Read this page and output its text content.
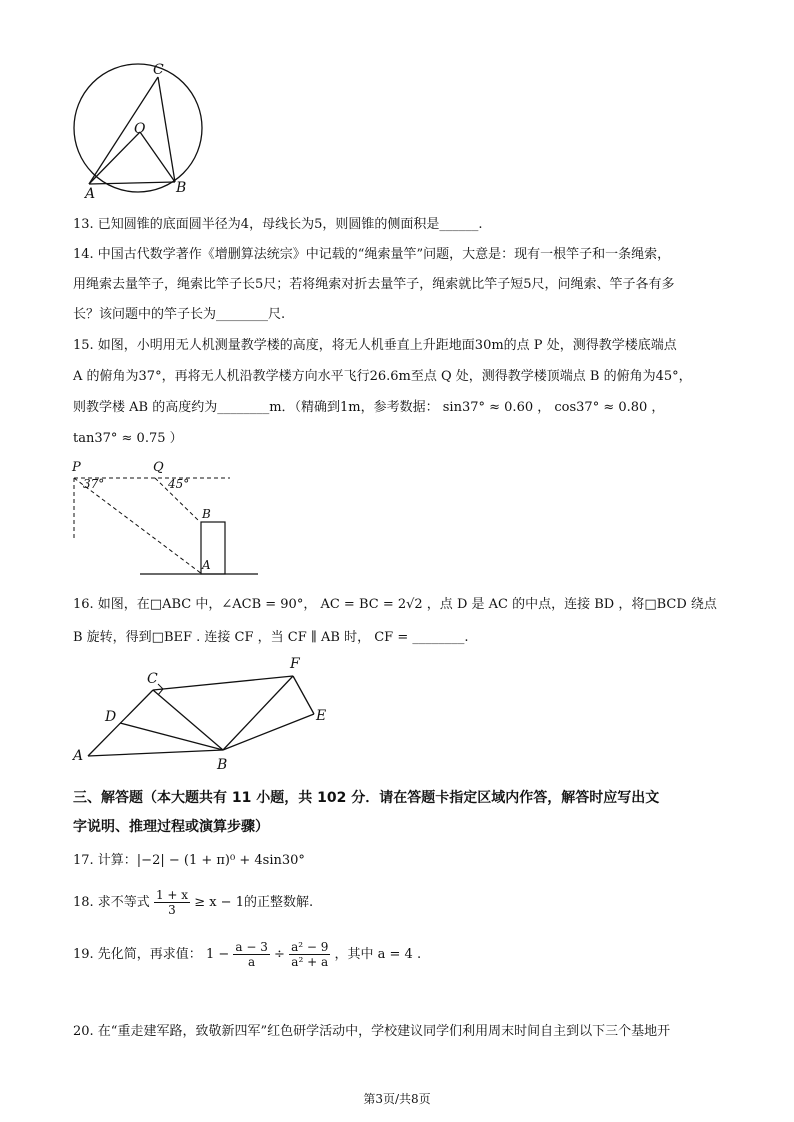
C
O
A	B
13. 已知圆锥的底面圆半径为4，母线长为5，则圆锥的侧面积是______.
14. 中国古代数学著作《增删算法统宗》中记载的“绳索量竿”问题，大意是：现有一根竿子和一条绳索，
用绳索去量竿子，绳索比竿子长5尺；若将绳索对折去量竿子，绳索就比竿子短5尺，问绳索、竿子各有多
长？该问题中的竿子长为________尺.
15. 如图，小明用无人机测量教学楼的高度，将无人机垂直上升距地面30m的点 P 处，测得教学楼底端点
A 的俯角为37°，再将无人机沿教学楼方向水平飞行26.6m至点 Q 处，测得教学楼顶端点 B 的俯角为45°，
则教学楼 AB 的高度约为________m．（精确到1m，参考数据： sin37° ≈ 0.60 ， cos37° ≈ 0.80 ，
tan37° ≈ 0.75 ）
P	Q
37°	45°
B
A
16. 如图，在□ABC 中，∠ACB = 90°， AC = BC = 2√2 ，点 D 是 AC 的中点，连接 BD ，将□BCD 绕点
B 旋转，得到□BEF . 连接 CF ，当 CF ∥ AB 时， CF = ________.
C
F
D	E
A
B
三、解答题（本大题共有 11 小题，共 102 分．请在答题卡指定区域内作答，解答时应写出文
字说明、推理过程或演算步骤）
17. 计算：|−2| − (1 + π)⁰ + 4sin30°
18. 求不等式 $\frac{1 + x}{3} \ge x - 1$的正整数解.
19. 先化简，再求值： $1 - \frac{a - 3}{a} \div \frac{\text{a² − 9}}{\text{a² + a}}$ ，其中 a = 4 .
20. 在“重走建军路，致敬新四军”红色研学活动中，学校建议同学们利用周末时间自主到以下三个基地开
第3页/共8页
